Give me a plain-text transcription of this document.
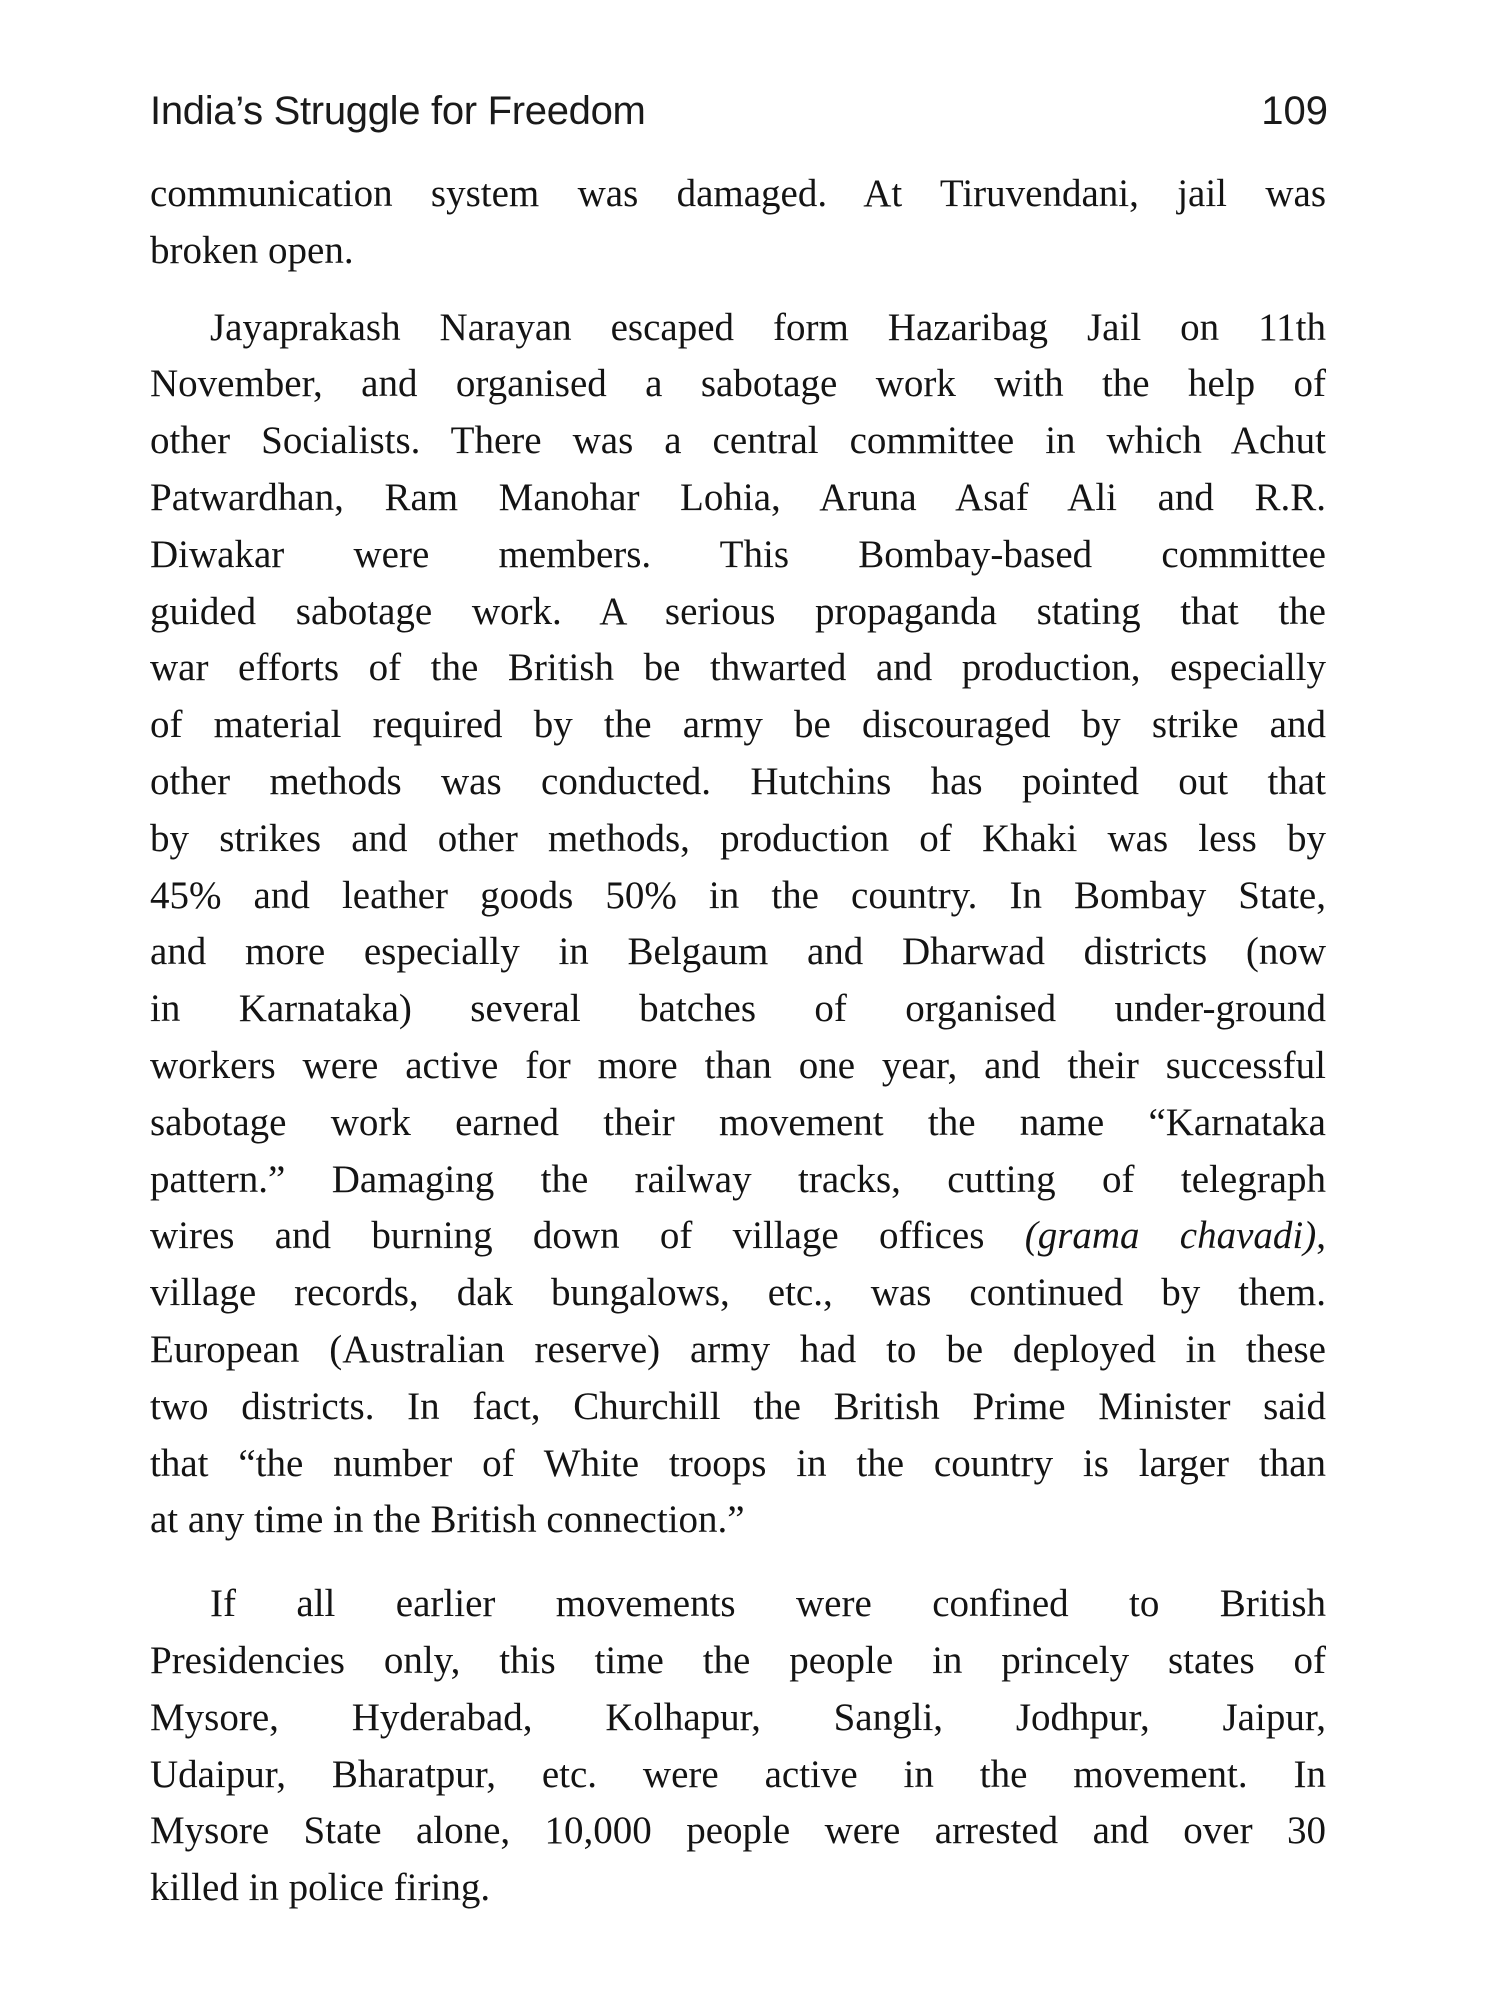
India’s Struggle for Freedom	109

communication system was damaged. At Tiruvendani, jail was
broken open.

Jayaprakash Narayan escaped form Hazaribag Jail on 11th
November, and organised a sabotage work with the help of
other Socialists. There was a central committee in which Achut
Patwardhan, Ram Manohar Lohia, Aruna Asaf Ali and R.R.
Diwakar were members. This Bombay-based committee
guided sabotage work. A serious propaganda stating that the
war efforts of the British be thwarted and production, especially
of material required by the army be discouraged by strike and
other methods was conducted. Hutchins has pointed out that
by strikes and other methods, production of Khaki was less by
45% and leather goods 50% in the country. In Bombay State,
and more especially in Belgaum and Dharwad districts (now
in Karnataka) several batches of organised under-ground
workers were active for more than one year, and their successful
sabotage work earned their movement the name “Karnataka
pattern.” Damaging the railway tracks, cutting of telegraph
wires and burning down of village offices (grama chavadi),
village records, dak bungalows, etc., was continued by them.
European (Australian reserve) army had to be deployed in these
two districts. In fact, Churchill the British Prime Minister said
that “the number of White troops in the country is larger than
at any time in the British connection.”

If all earlier movements were confined to British
Presidencies only, this time the people in princely states of
Mysore, Hyderabad, Kolhapur, Sangli, Jodhpur, Jaipur,
Udaipur, Bharatpur, etc. were active in the movement. In
Mysore State alone, 10,000 people were arrested and over 30
killed in police firing.
